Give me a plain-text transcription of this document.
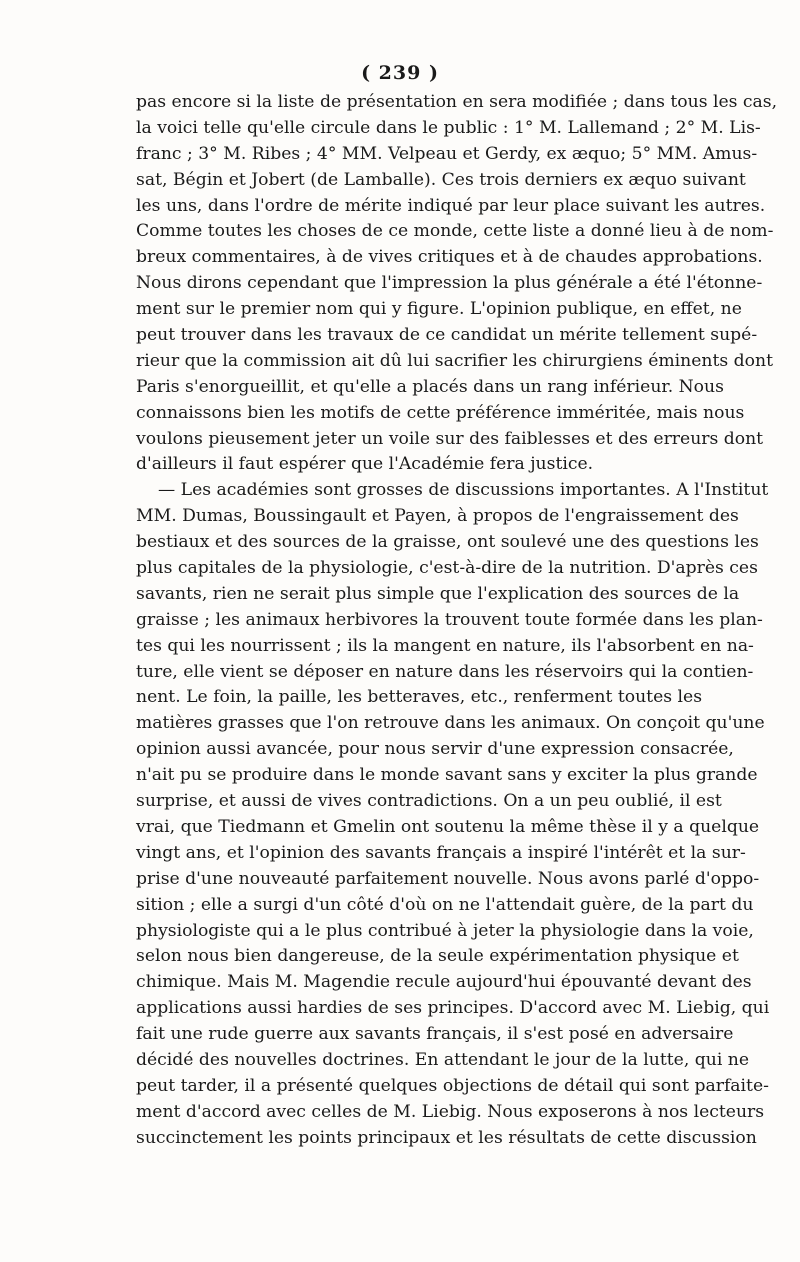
( 239 )
pas encore si la liste de présentation en sera modifiée ; dans tous les cas,
la voici telle qu'elle circule dans le public : 1° M. Lallemand ; 2° M. Lis-
franc ; 3° M. Ribes ; 4° MM. Velpeau et Gerdy, ex æquo; 5° MM. Amus-
sat, Bégin et Jobert (de Lamballe). Ces trois derniers ex æquo suivant
les uns, dans l'ordre de mérite indiqué par leur place suivant les autres.
Comme toutes les choses de ce monde, cette liste a donné lieu à de nom-
breux commentaires, à de vives critiques et à de chaudes approbations.
Nous dirons cependant que l'impression la plus générale a été l'étonne-
ment sur le premier nom qui y figure. L'opinion publique, en effet, ne
peut trouver dans les travaux de ce candidat un mérite tellement supé-
rieur que la commission ait dû lui sacrifier les chirurgiens éminents dont
Paris s'enorgueillit, et qu'elle a placés dans un rang inférieur. Nous
connaissons bien les motifs de cette préférence imméritée, mais nous
voulons pieusement jeter un voile sur des faiblesses et des erreurs dont
d'ailleurs il faut espérer que l'Académie fera justice.
— Les académies sont grosses de discussions importantes. A l'Institut
MM. Dumas, Boussingault et Payen, à propos de l'engraissement des
bestiaux et des sources de la graisse, ont soulevé une des questions les
plus capitales de la physiologie, c'est-à-dire de la nutrition. D'après ces
savants, rien ne serait plus simple que l'explication des sources de la
graisse ; les animaux herbivores la trouvent toute formée dans les plan-
tes qui les nourrissent ; ils la mangent en nature, ils l'absorbent en na-
ture, elle vient se déposer en nature dans les réservoirs qui la contien-
nent. Le foin, la paille, les betteraves, etc., renferment toutes les
matières grasses que l'on retrouve dans les animaux. On conçoit qu'une
opinion aussi avancée, pour nous servir d'une expression consacrée,
n'ait pu se produire dans le monde savant sans y exciter la plus grande
surprise, et aussi de vives contradictions. On a un peu oublié, il est
vrai, que Tiedmann et Gmelin ont soutenu la même thèse il y a quelque
vingt ans, et l'opinion des savants français a inspiré l'intérêt et la sur-
prise d'une nouveauté parfaitement nouvelle. Nous avons parlé d'oppo-
sition ; elle a surgi d'un côté d'où on ne l'attendait guère, de la part du
physiologiste qui a le plus contribué à jeter la physiologie dans la voie,
selon nous bien dangereuse, de la seule expérimentation physique et
chimique. Mais M. Magendie recule aujourd'hui épouvanté devant des
applications aussi hardies de ses principes. D'accord avec M. Liebig, qui
fait une rude guerre aux savants français, il s'est posé en adversaire
décidé des nouvelles doctrines. En attendant le jour de la lutte, qui ne
peut tarder, il a présenté quelques objections de détail qui sont parfaite-
ment d'accord avec celles de M. Liebig. Nous exposerons à nos lecteurs
succinctement les points principaux et les résultats de cette discussion
